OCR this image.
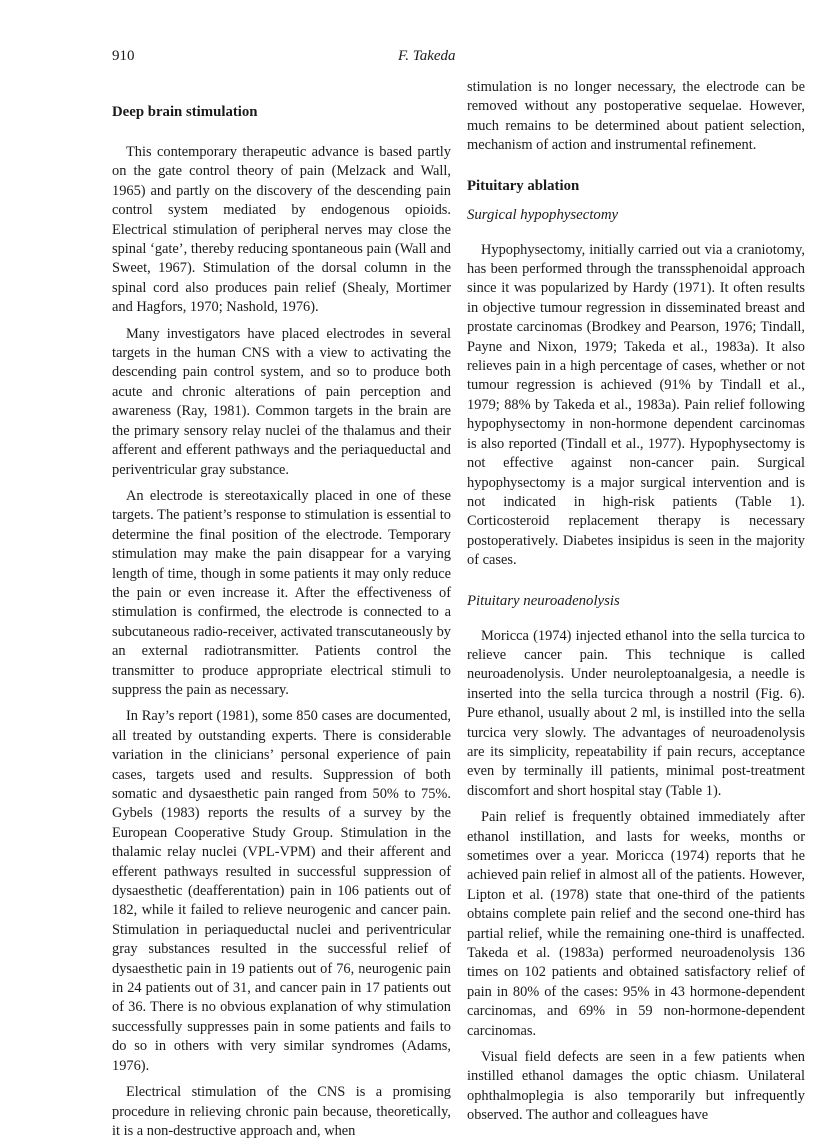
910	F. Takeda
Deep brain stimulation

This contemporary therapeutic advance is based partly on the gate control theory of pain (Melzack and Wall, 1965) and partly on the discovery of the descending pain control system mediated by endogenous opioids. Electrical stimulation of peripheral nerves may close the spinal ‘gate’, thereby reducing spontaneous pain (Wall and Sweet, 1967). Stimulation of the dorsal column in the spinal cord also produces pain relief (Shealy, Mortimer and Hagfors, 1970; Nashold, 1976).

Many investigators have placed electrodes in several targets in the human CNS with a view to activating the descending pain control system, and so to produce both acute and chronic alterations of pain perception and awareness (Ray, 1981). Common targets in the brain are the primary sensory relay nuclei of the thalamus and their afferent and efferent pathways and the periaqueductal and periventricular gray substance.

An electrode is stereotaxically placed in one of these targets. The patient’s response to stimulation is essential to determine the final position of the electrode. Temporary stimulation may make the pain disappear for a varying length of time, though in some patients it may only reduce the pain or even increase it. After the effectiveness of stimulation is confirmed, the electrode is connected to a subcutaneous radio-receiver, activated transcutaneously by an external radiotransmitter. Patients control the transmitter to produce appropriate electrical stimuli to suppress the pain as necessary.

In Ray’s report (1981), some 850 cases are documented, all treated by outstanding experts. There is considerable variation in the clinicians’ personal experience of pain cases, targets used and results. Suppression of both somatic and dysaesthetic pain ranged from 50% to 75%. Gybels (1983) reports the results of a survey by the European Cooperative Study Group. Stimulation in the thalamic relay nuclei (VPL-VPM) and their afferent and efferent pathways resulted in successful suppression of dysaesthetic (deafferentation) pain in 106 patients out of 182, while it failed to relieve neurogenic and cancer pain. Stimulation in periaqueductal nuclei and periventricular gray substances resulted in the successful relief of dysaesthetic pain in 19 patients out of 76, neurogenic pain in 24 patients out of 31, and cancer pain in 17 patients out of 36. There is no obvious explanation of why stimulation successfully suppresses pain in some patients and fails to do so in others with very similar syndromes (Adams, 1976).

Electrical stimulation of the CNS is a promising procedure in relieving chronic pain because, theoretically, it is a non-destructive approach and, when

stimulation is no longer necessary, the electrode can be removed without any postoperative sequelae. However, much remains to be determined about patient selection, mechanism of action and instrumental refinement.

Pituitary ablation
Surgical hypophysectomy

Hypophysectomy, initially carried out via a craniotomy, has been performed through the transsphenoidal approach since it was popularized by Hardy (1971). It often results in objective tumour regression in disseminated breast and prostate carcinomas (Brodkey and Pearson, 1976; Tindall, Payne and Nixon, 1979; Takeda et al., 1983a). It also relieves pain in a high percentage of cases, whether or not tumour regression is achieved (91% by Tindall et al., 1979; 88% by Takeda et al., 1983a). Pain relief following hypophysectomy in non-hormone dependent carcinomas is also reported (Tindall et al., 1977). Hypophysectomy is not effective against non-cancer pain. Surgical hypophysectomy is a major surgical intervention and is not indicated in high-risk patients (Table 1). Corticosteroid replacement therapy is necessary postoperatively. Diabetes insipidus is seen in the majority of cases.

Pituitary neuroadenolysis

Moricca (1974) injected ethanol into the sella turcica to relieve cancer pain. This technique is called neuroadenolysis. Under neuroleptoanalgesia, a needle is inserted into the sella turcica through a nostril (Fig. 6). Pure ethanol, usually about 2 ml, is instilled into the sella turcica very slowly. The advantages of neuroadenolysis are its simplicity, repeatability if pain recurs, acceptance even by terminally ill patients, minimal post-treatment discomfort and short hospital stay (Table 1).

Pain relief is frequently obtained immediately after ethanol instillation, and lasts for weeks, months or sometimes over a year. Moricca (1974) reports that he achieved pain relief in almost all of the patients. However, Lipton et al. (1978) state that one-third of the patients obtains complete pain relief and the second one-third has partial relief, while the remaining one-third is unaffected. Takeda et al. (1983a) performed neuroadenolysis 136 times on 102 patients and obtained satisfactory relief of pain in 80% of the cases: 95% in 43 hormone-dependent carcinomas, and 69% in 59 non-hormone-dependent carcinomas.

Visual field defects are seen in a few patients when instilled ethanol damages the optic chiasm. Unilateral ophthalmoplegia is also temporarily but infrequently observed. The author and colleagues have
